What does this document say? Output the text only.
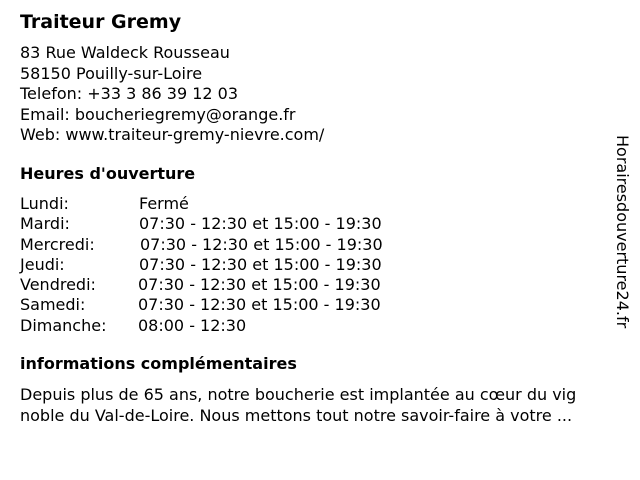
Traiteur Gremy
83 Rue Waldeck Rousseau
58150 Pouilly-sur-Loire
Telefon: +33 3 86 39 12 03
Email: boucheriegremy@orange.fr
Web: www.traiteur-gremy-nievre.com/
Heures d'ouverture
Lundi:	Fermé
Mardi:	07:30 - 12:30 et 15:00 - 19:30
Mercredi:	07:30 - 12:30 et 15:00 - 19:30
Jeudi:	07:30 - 12:30 et 15:00 - 19:30
Vendredi:	07:30 - 12:30 et 15:00 - 19:30
Samedi:	07:30 - 12:30 et 15:00 - 19:30
Dimanche: 08:00 - 12:30
informations complémentaires
Depuis plus de 65 ans, notre boucherie est implantée au cœur du vig
noble du Val-de-Loire. Nous mettons tout notre savoir-faire à votre ...
Horairesdouverture24.fr
